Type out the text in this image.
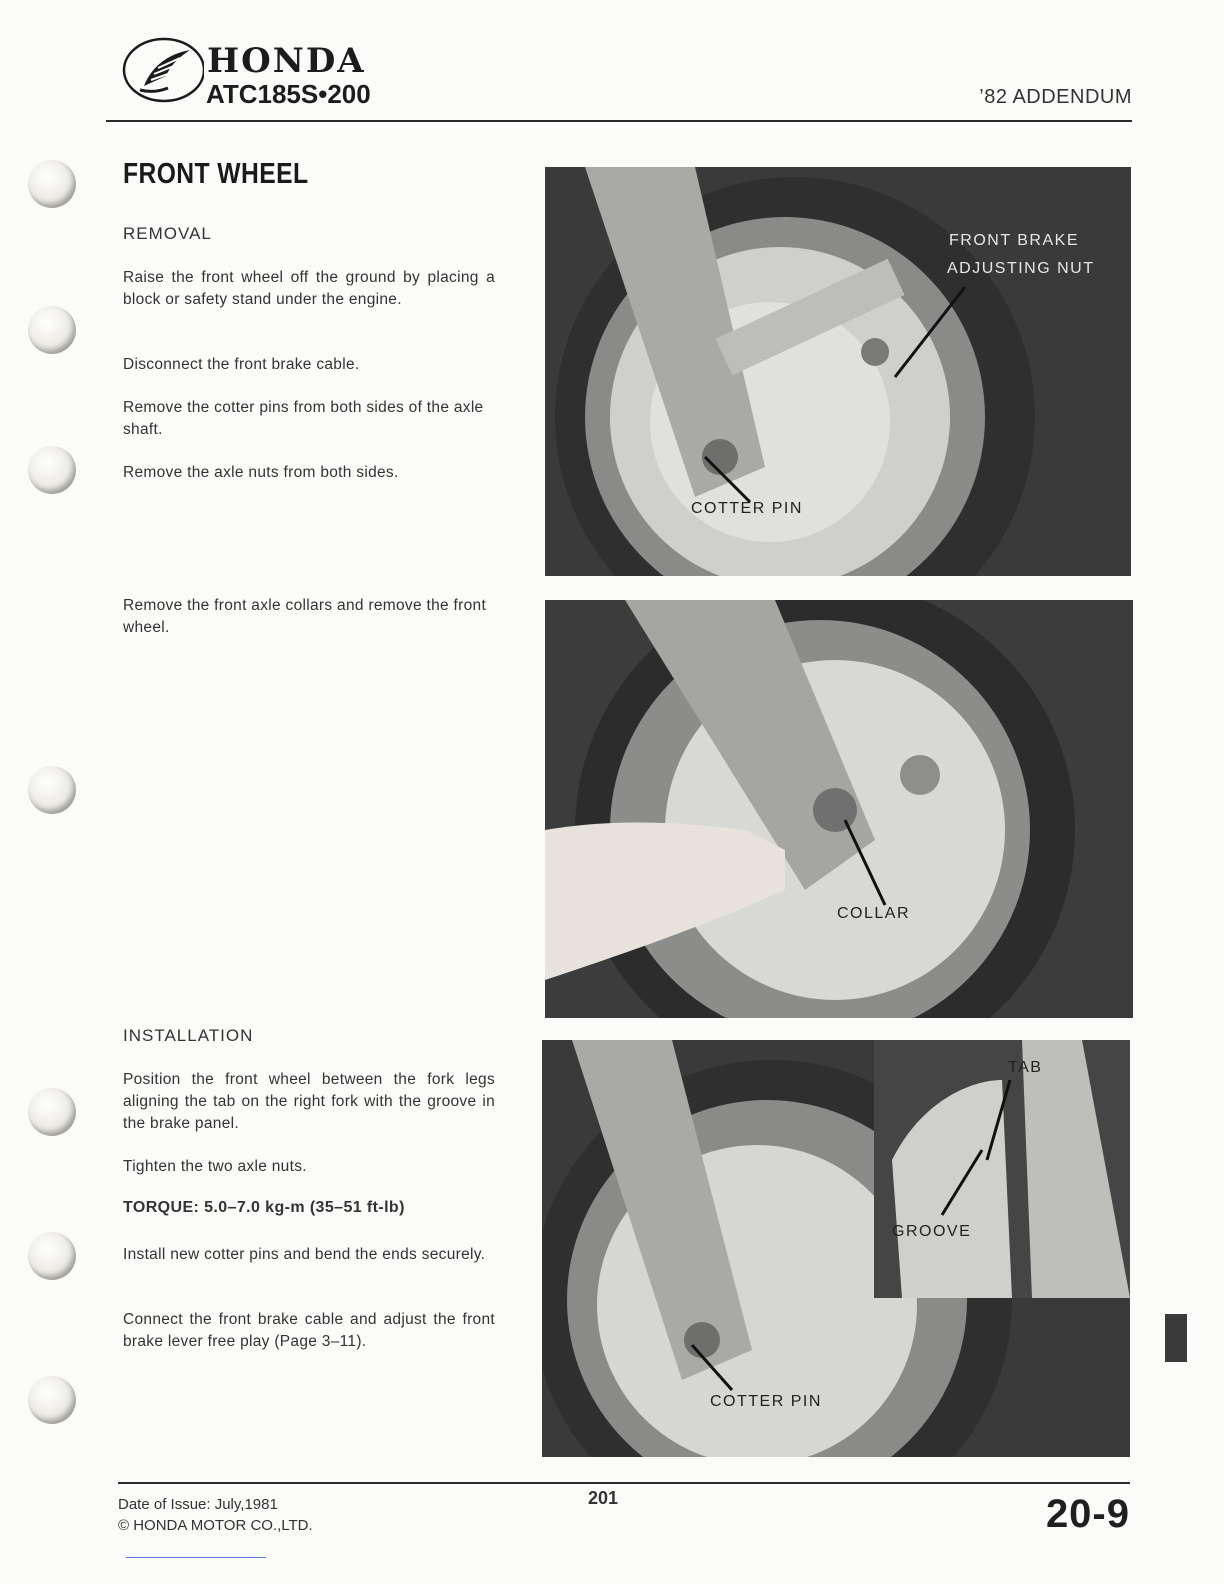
HONDA
ATC185S•200	’82 ADDENDUM
FRONT WHEEL
REMOVAL
Raise the front wheel off the ground by placing a block or safety stand under the engine.
Disconnect the front brake cable.
Remove the cotter pins from both sides of the axle shaft.
Remove the axle nuts from both sides.
Remove the front axle collars and remove the front wheel.
INSTALLATION
Position the front wheel between the fork legs aligning the tab on the right fork with the groove in the brake panel.
Tighten the two axle nuts.
TORQUE: 5.0–7.0 kg-m (35–51 ft-lb)
Install new cotter pins and bend the ends securely.
Connect the front brake cable and adjust the front brake lever free play (Page 3–11).
FRONT BRAKE
ADJUSTING NUT
COTTER PIN
COLLAR
TAB
GROOVE
COTTER PIN
Date of Issue: July,1981
© HONDA MOTOR CO.,LTD.
201	20-9
